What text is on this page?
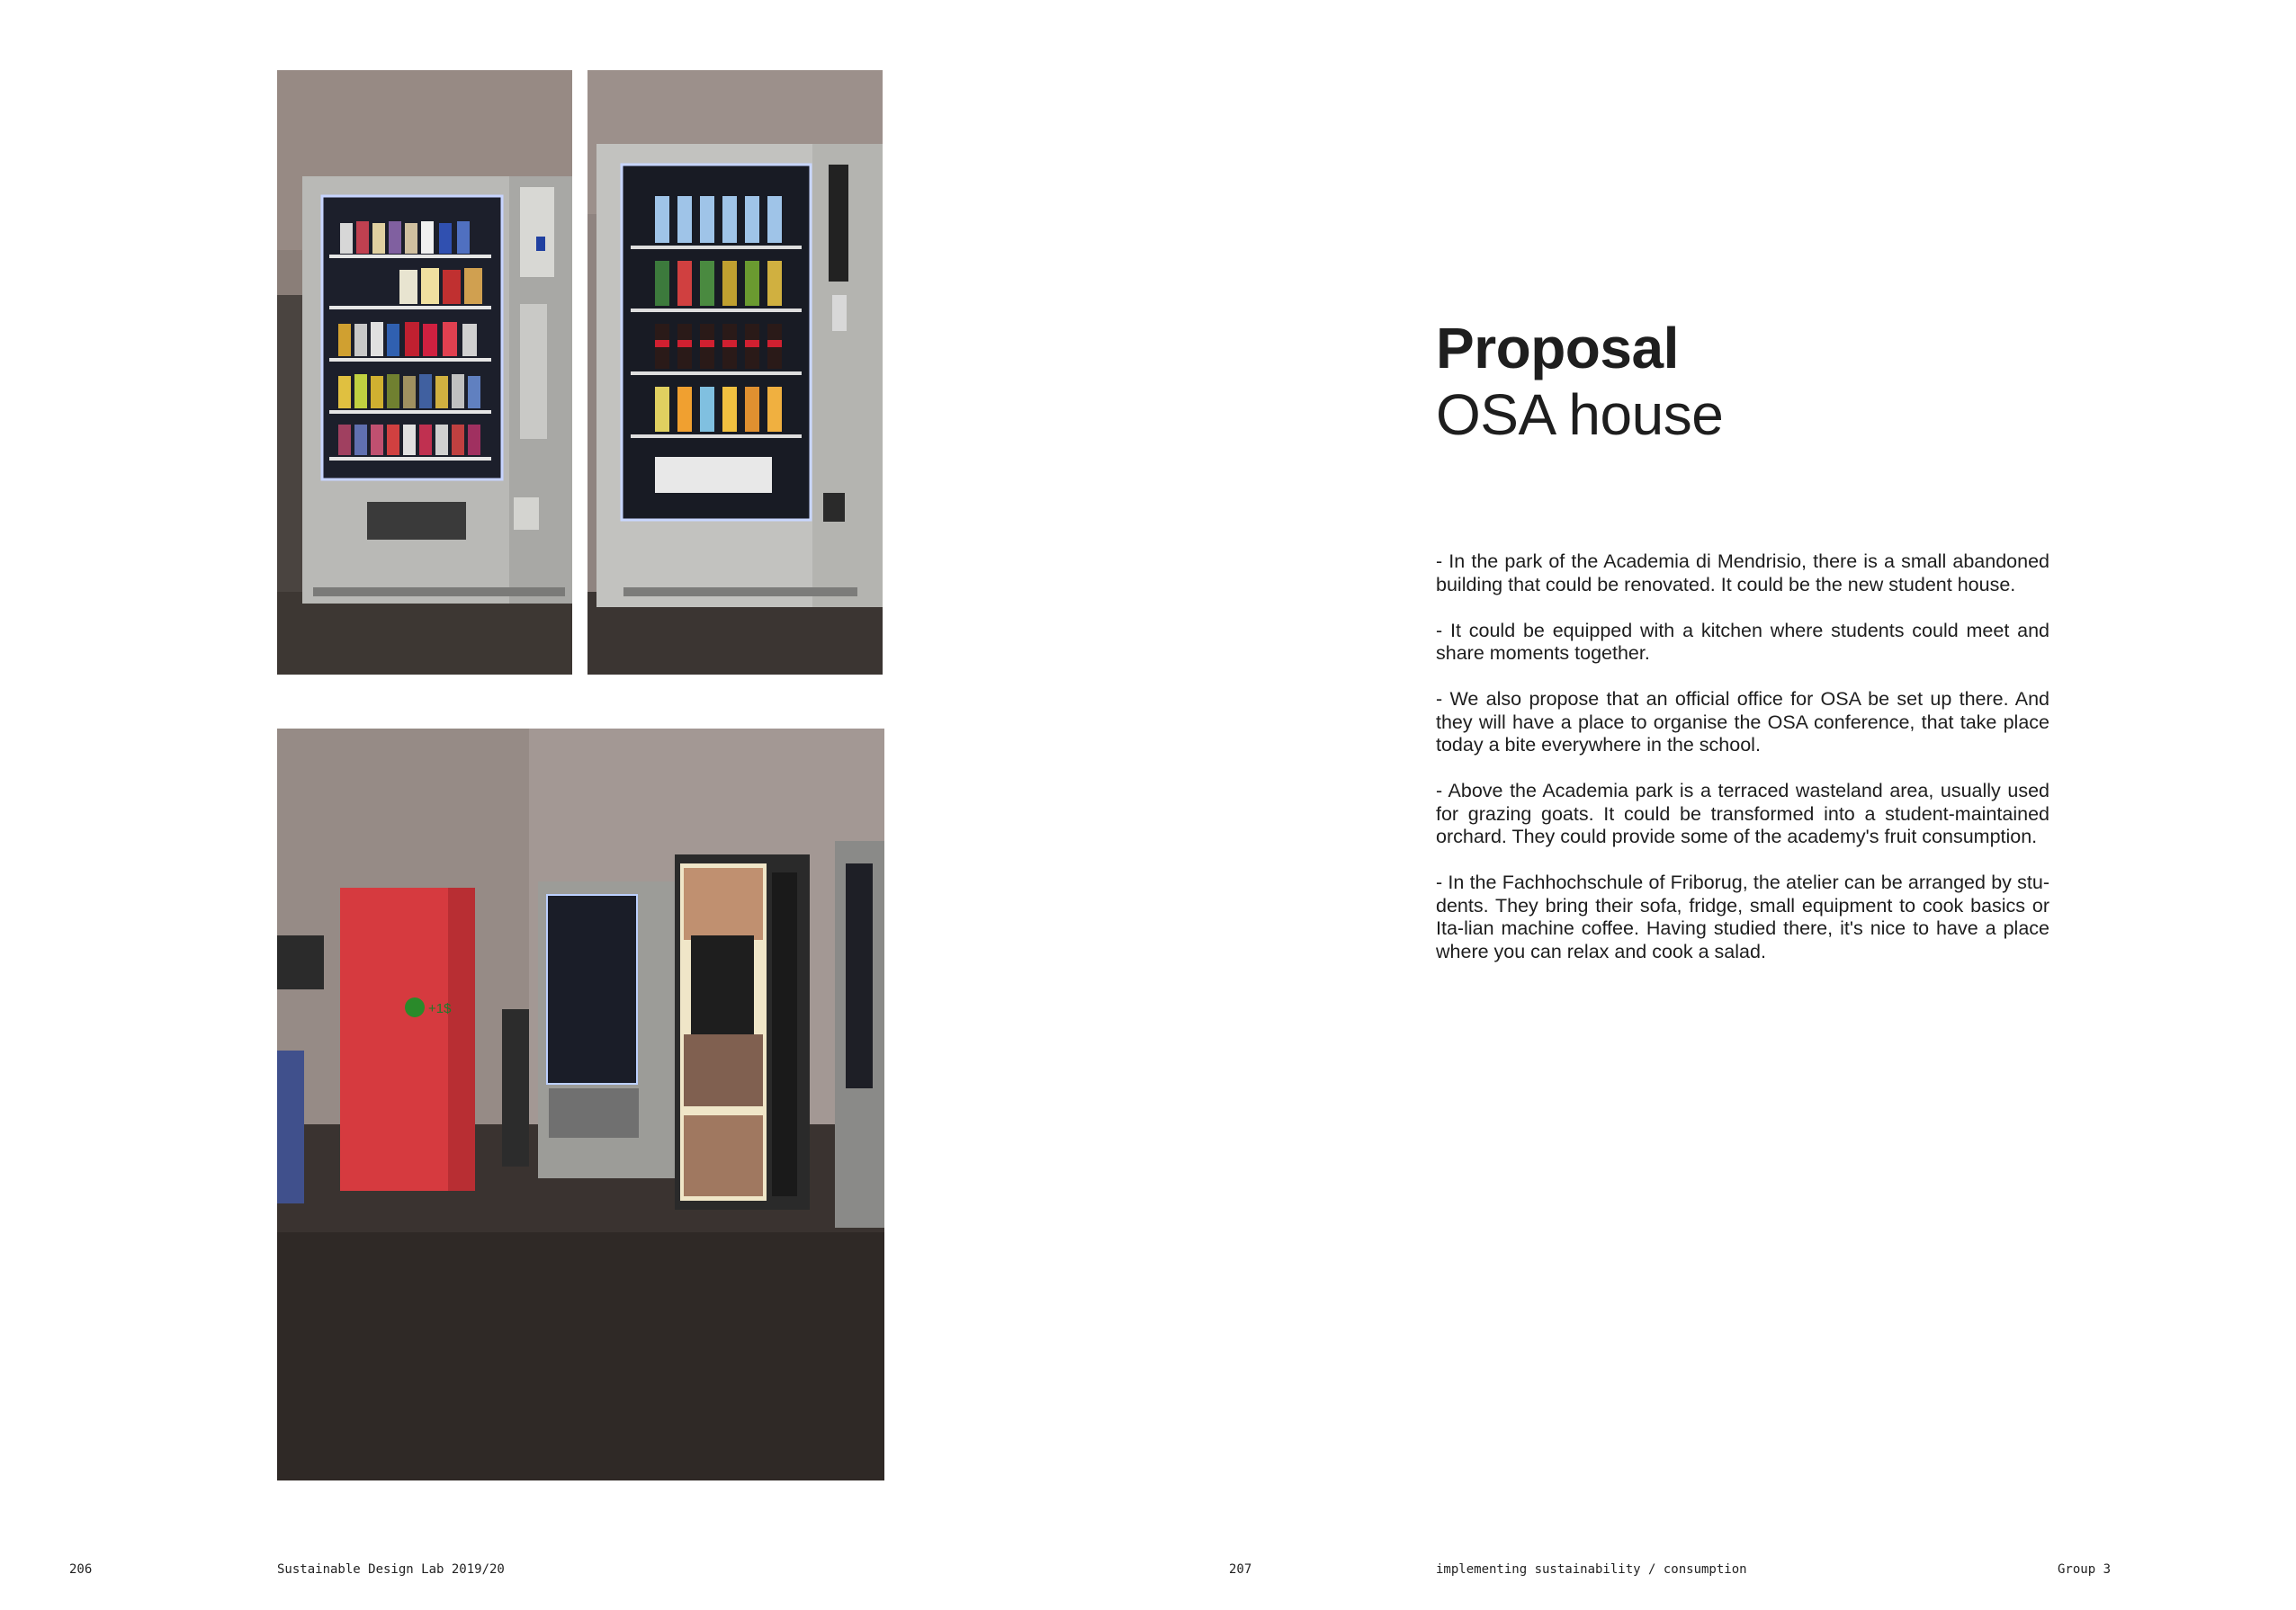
+1$
Proposal
OSA house

- In the park of the Academia di Mendrisio, there is a small abandoned building that could be renovated. It could be the new student house.

- It could be equipped with a kitchen where students could meet and share moments together.

- We also propose that an official office for OSA be set up there. And they will have a place to organise the OSA conference, that take place today a bite everywhere in the school.

- Above the Academia park is a terraced wasteland area, usually used for grazing goats. It could be transformed into a student-maintained orchard. They could provide some of the academy's fruit consumption.

- In the Fachhochschule of Friborug, the atelier can be arranged by stu-dents. They bring their sofa, fridge, small equipment to cook basics or Ita-lian machine coffee. Having studied there, it's nice to have a place where you can relax and cook a salad.

206	Sustainable Design Lab 2019/20	207	implementing sustainability / consumption	Group 3
